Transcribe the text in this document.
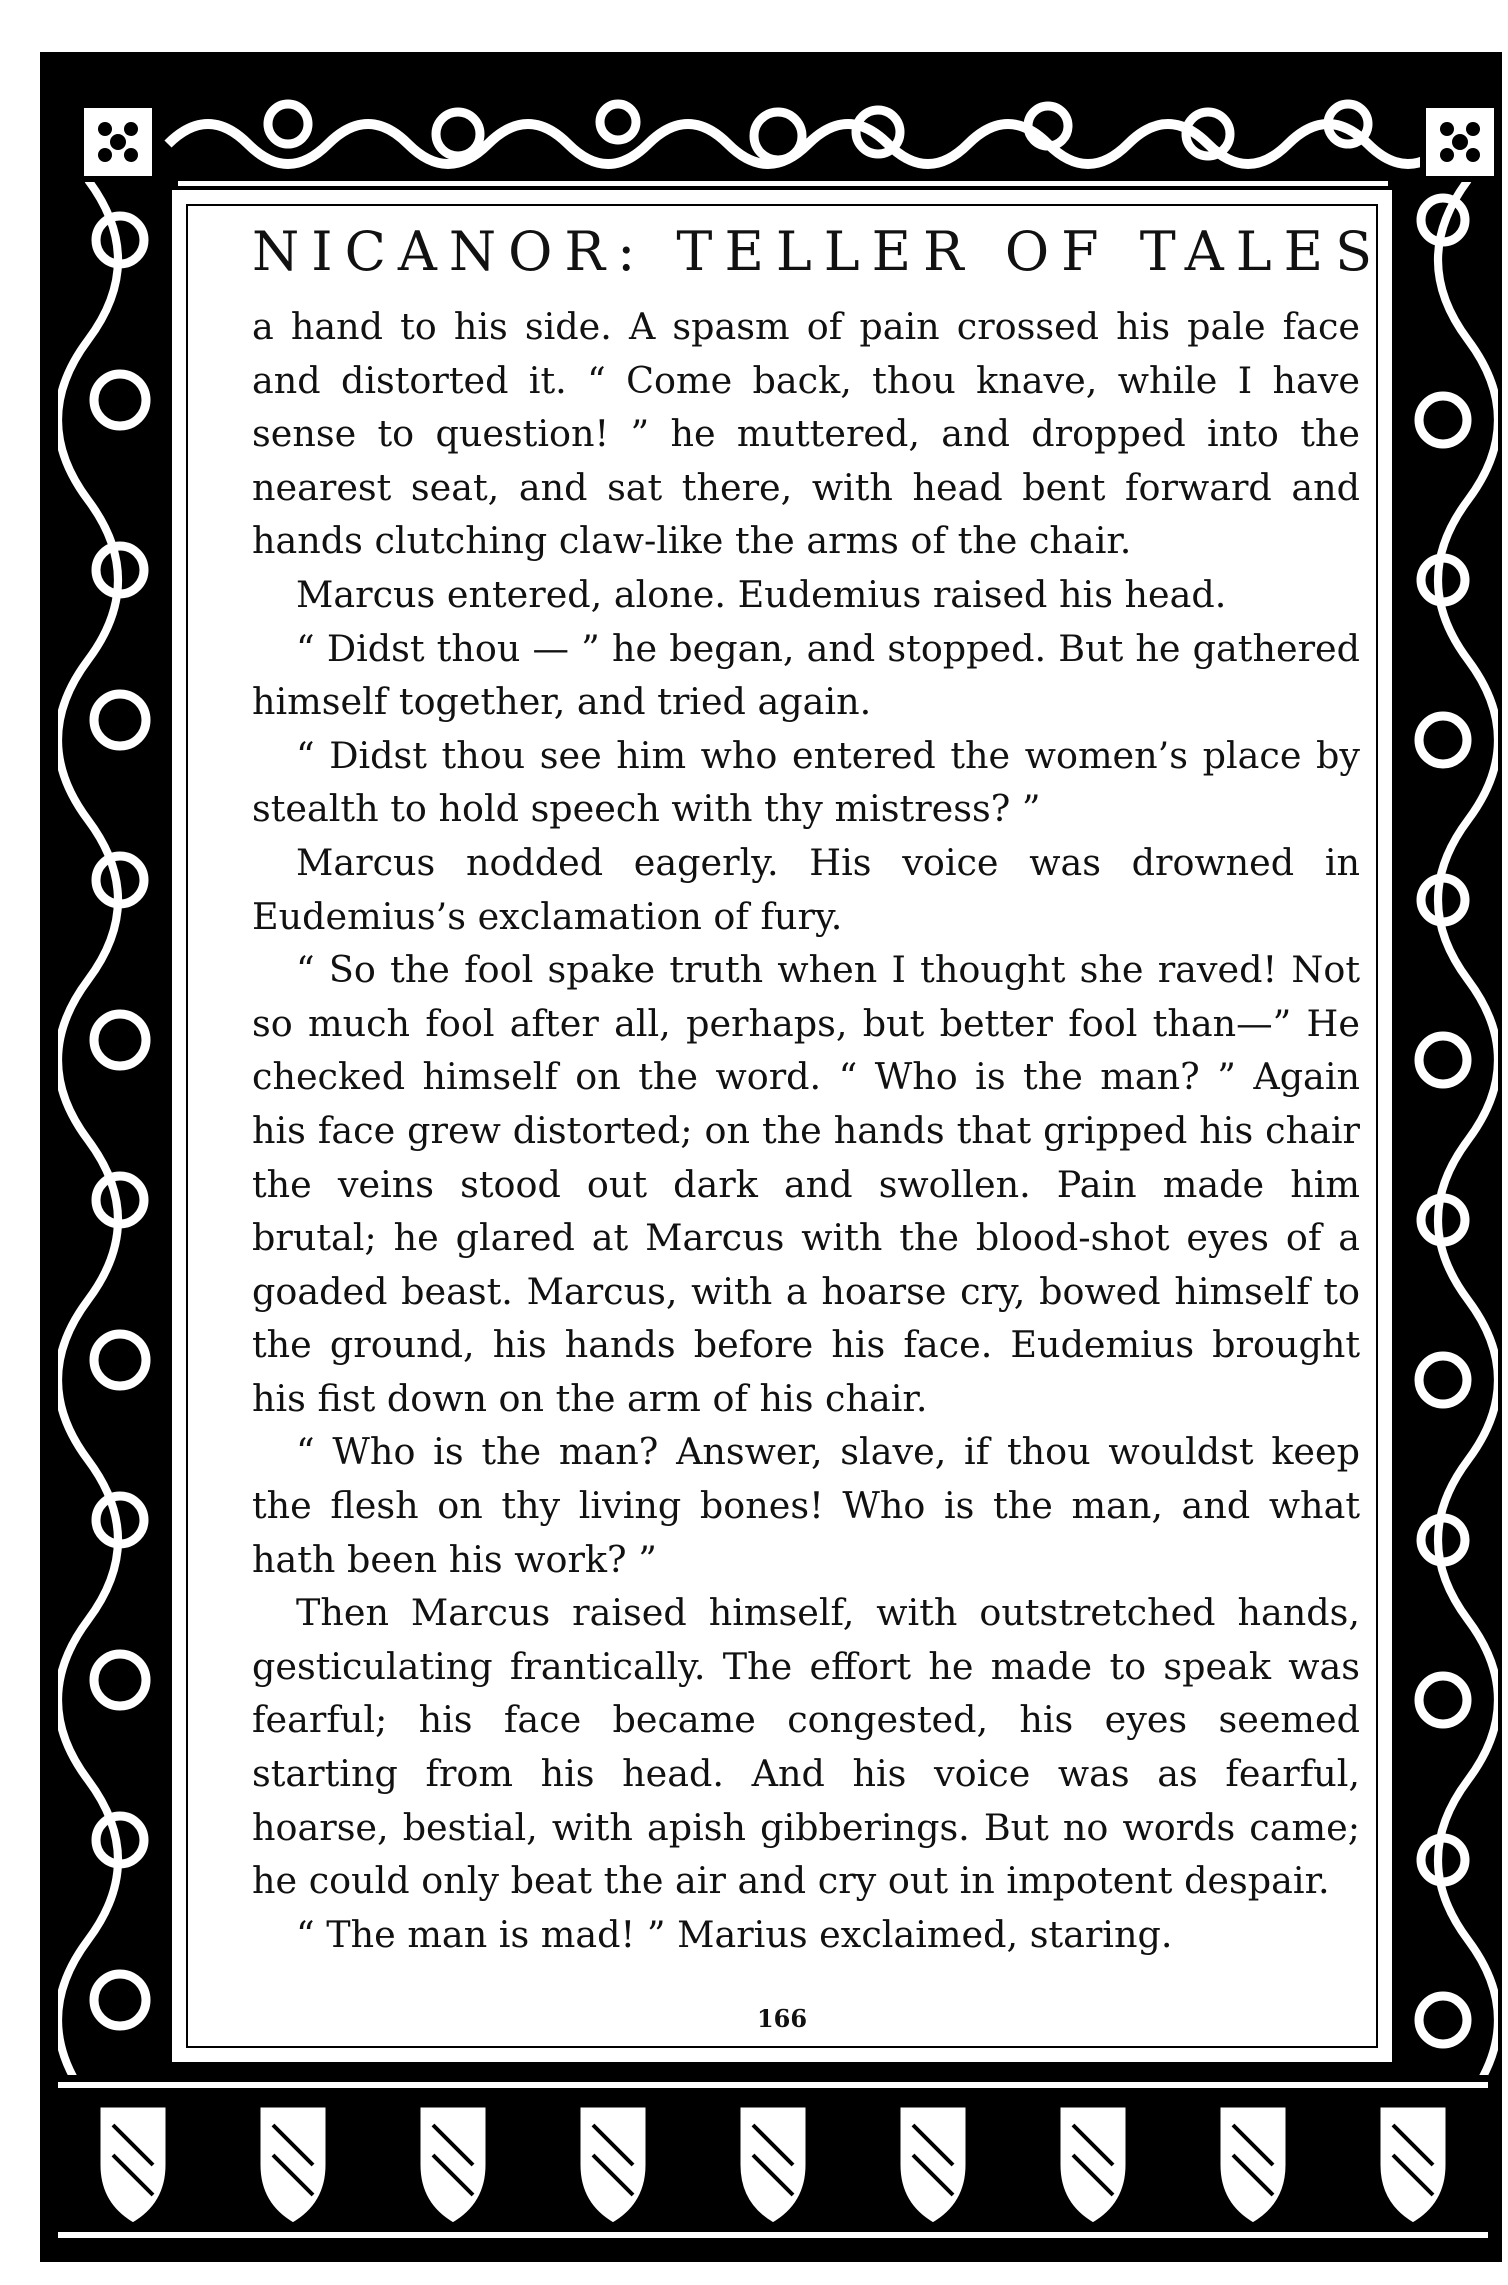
NICANOR: TELLER OF TALES

a hand to his side. A spasm of pain crossed his pale face and distorted it. “ Come back, thou knave, while I have sense to question! ” he muttered, and dropped into the nearest seat, and sat there, with head bent forward and hands clutching claw-like the arms of the chair.

Marcus entered, alone. Eudemius raised his head.

“ Didst thou — ” he began, and stopped. But he gathered himself together, and tried again.

“ Didst thou see him who entered the women’s place by stealth to hold speech with thy mistress? ”

Marcus nodded eagerly. His voice was drowned in Eudemius’s exclamation of fury.

“ So the fool spake truth when I thought she raved! Not so much fool after all, perhaps, but better fool than—” He checked himself on the word. “ Who is the man? ” Again his face grew distorted; on the hands that gripped his chair the veins stood out dark and swollen. Pain made him brutal; he glared at Marcus with the blood-shot eyes of a goaded beast. Marcus, with a hoarse cry, bowed himself to the ground, his hands before his face. Eudemius brought his fist down on the arm of his chair.

“ Who is the man? Answer, slave, if thou wouldst keep the flesh on thy living bones! Who is the man, and what hath been his work? ”

Then Marcus raised himself, with outstretched hands, gesticulating frantically. The effort he made to speak was fearful; his face became congested, his eyes seemed starting from his head. And his voice was as fearful, hoarse, bestial, with apish gibberings. But no words came; he could only beat the air and cry out in impotent despair.

“ The man is mad! ” Marius exclaimed, staring.

166
